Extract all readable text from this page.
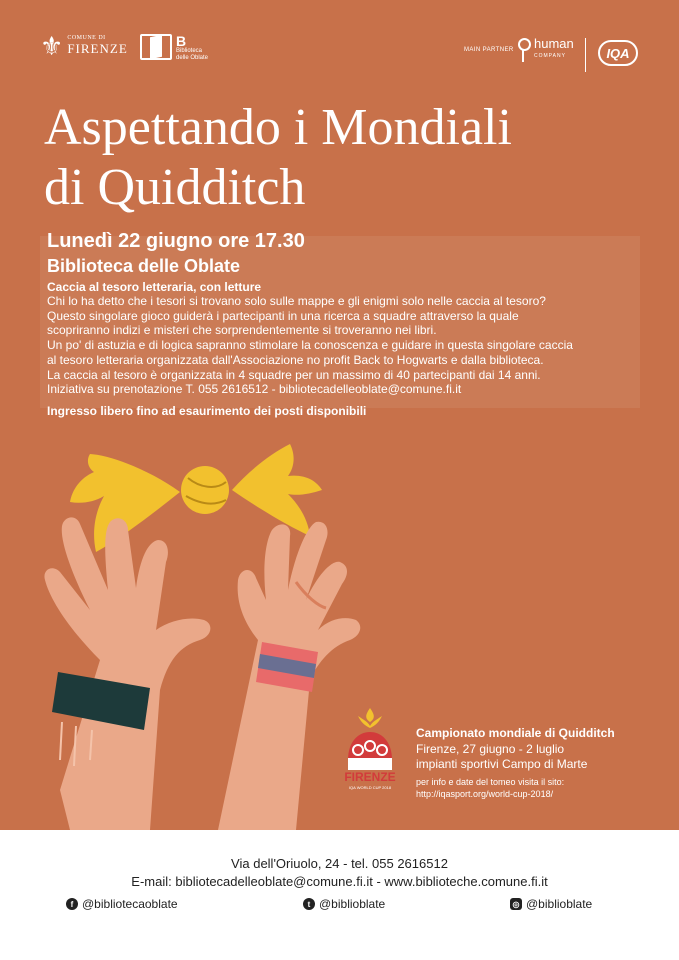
⚜ COMUNE DI
FIRENZE	B
Biblioteca
delle Oblate
MAIN PARTNER human
COMPANY	IQA
Aspettando i Mondiali
di Quidditch

Lunedì 22 giugno ore 17.30

Biblioteca delle Oblate

Caccia al tesoro letteraria, con letture

Chi lo ha detto che i tesori si trovano solo sulle mappe e gli enigmi solo nelle caccia al tesoro?
Questo singolare gioco guiderà i partecipanti in una ricerca a squadre attraverso la quale
scopriranno indizi e misteri che sorprendentemente si troveranno nei libri.
Un po' di astuzia e di logica sapranno stimolare la conoscenza e guidare in questa singolare caccia
al tesoro letteraria organizzata dall'Associazione no profit Back to Hogwarts e dalla biblioteca.
La caccia al tesoro è organizzata in 4 squadre per un massimo di 40 partecipanti dai 14 anni.
Iniziativa su prenotazione T. 055 2616512 - bibliotecadelleoblate@comune.fi.it

Ingresso libero fino ad esaurimento dei posti disponibili

FIRENZE
IQA WORLD CUP 2018

Campionato mondiale di Quidditch

Firenze, 27 giugno - 2 luglio

impianti sportivi Campo di Marte

per info e date del tomeo visita il sito:

http://iqasport.org/world-cup-2018/

Via dell'Oriuolo, 24 - tel. 055 2616512
E-mail: bibliotecadelleoblate@comune.fi.it - www.biblioteche.comune.fi.it

f @bibliotecaoblate	t @biblioblate	◎ @biblioblate
